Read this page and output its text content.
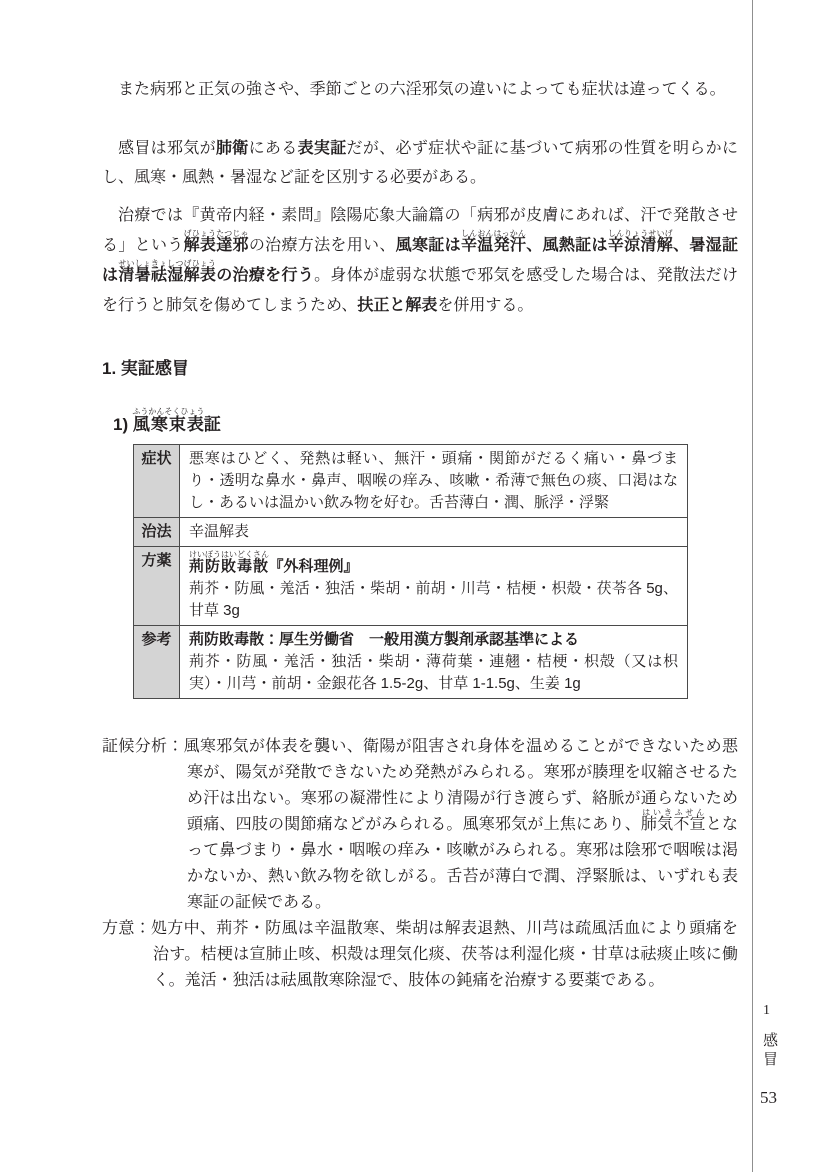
また病邪と正気の強さや、季節ごとの六淫邪気の違いによっても症状は違ってくる。

感冒は邪気が肺衛にある表実証だが、必ず症状や証に基づいて病邪の性質を明らかにし、風寒・風熱・暑湿など証を区別する必要がある。

治療では『黄帝内経・素問』陰陽応象大論篇の「病邪が皮膚にあれば、汗で発散させる」という解表達邪げひょうたつじゃの治療方法を用い、風寒証は辛温発汗しんおんはっかん、風熱証は辛涼清解しんりょうせいげ、暑湿証は清暑祛湿解表せいしょきょしつげひょうの治療を行う。身体が虚弱な状態で邪気を感受した場合は、発散法だけを行うと肺気を傷めてしまうため、扶正と解表を併用する。

1. 実証感冒
1) 風寒束表ふうかんそくひょう証
症状	悪寒はひどく、発熱は軽い、無汗・頭痛・関節がだるく痛い・鼻づまり・透明な鼻水・鼻声、咽喉の痒み、咳嗽・希薄で無色の痰、口渇はなし・あるいは温かい飲み物を好む。舌苔薄白・潤、脈浮・浮緊

治法	辛温解表

方薬	荊防敗毒散けいぼうはいどくさん『外科理例』
荊芥・防風・羗活・独活・柴胡・前胡・川芎・桔梗・枳殻・茯苓各 5g、甘草 3g

参考	荊防敗毒散：厚生労働省　一般用漢方製剤承認基準による
荊芥・防風・羗活・独活・柴胡・薄荷葉・連翹・桔梗・枳殻（又は枳実）・川芎・前胡・金銀花各 1.5-2g、甘草 1-1.5g、生姜 1g

証候分析：風寒邪気が体表を襲い、衛陽が阻害され身体を温めることができないため悪寒が、陽気が発散できないため発熱がみられる。寒邪が腠理を収縮させるため汗は出ない。寒邪の凝滞性により清陽が行き渡らず、絡脈が通らないため頭痛、四肢の関節痛などがみられる。風寒邪気が上焦にあり、肺気不宣はいきふせんとなって鼻づまり・鼻水・咽喉の痒み・咳嗽がみられる。寒邪は陰邪で咽喉は渇かないか、熱い飲み物を欲しがる。舌苔が薄白で潤、浮緊脈は、いずれも表寒証の証候である。

方意：処方中、荊芥・防風は辛温散寒、柴胡は解表退熱、川芎は疏風活血により頭痛を治す。桔梗は宣肺止咳、枳殻は理気化痰、茯苓は利湿化痰・甘草は祛痰止咳に働く。羗活・独活は祛風散寒除湿で、肢体の鈍痛を治療する要薬である。

1
感冒
53
